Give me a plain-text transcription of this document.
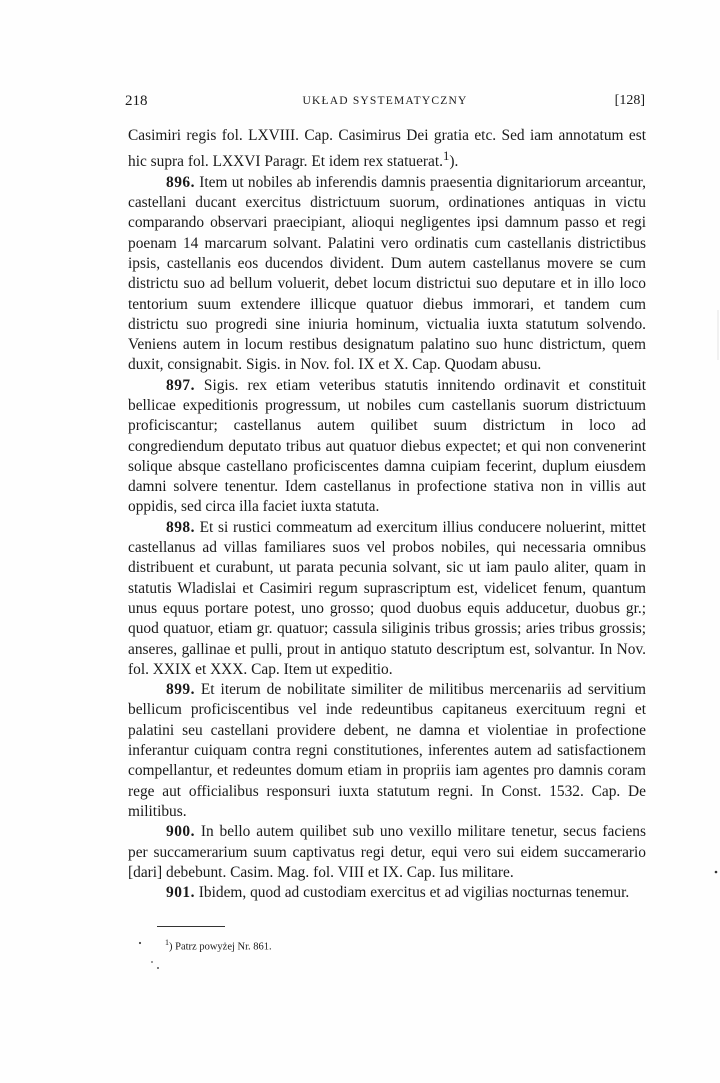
218	UKŁAD SYSTEMATYCZNY	[128]

Casimiri regis fol. LXVIII. Cap. Casimirus Dei gratia etc. Sed iam annotatum est hic supra fol. LXXVI Paragr. Et idem rex statuerat.$^1$).

896. Item ut nobiles ab inferendis damnis praesentia dignitariorum arceantur, castellani ducant exercitus districtuum suorum, ordinationes antiquas in victu comparando observari praecipiant, alioqui negligentes ipsi damnum passo et regi poenam 14 marcarum solvant. Palatini vero ordinatis cum castellanis districtibus ipsis, castellanis eos ducendos divident. Dum autem castellanus movere se cum districtu suo ad bellum voluerit, debet locum districtui suo deputare et in illo loco tentorium suum extendere illicque quatuor diebus immorari, et tandem cum districtu suo progredi sine iniuria hominum, victualia iuxta statutum solvendo. Veniens autem in locum restibus designatum palatino suo hunc districtum, quem duxit, consignabit. Sigis. in Nov. fol. IX et X. Cap. Quodam abusu.

897. Sigis. rex etiam veteribus statutis innitendo ordinavit et constituit bellicae expeditionis progressum, ut nobiles cum castellanis suorum districtuum proficiscantur; castellanus autem quilibet suum districtum in loco ad congrediendum deputato tribus aut quatuor diebus expectet; et qui non convenerint solique absque castellano proficiscentes damna cuipiam fecerint, duplum eiusdem damni solvere tenentur. Idem castellanus in profectione stativa non in villis aut oppidis, sed circa illa faciet iuxta statuta.

898. Et si rustici commeatum ad exercitum illius conducere noluerint, mittet castellanus ad villas familiares suos vel probos nobiles, qui necessaria omnibus distribuent et curabunt, ut parata pecunia solvant, sic ut iam paulo aliter, quam in statutis Wladislai et Casimiri regum suprascriptum est, videlicet fenum, quantum unus equus portare potest, uno grosso; quod duobus equis adducetur, duobus gr.; quod quatuor, etiam gr. quatuor; cassula siliginis tribus grossis; aries tribus grossis; anseres, gallinae et pulli, prout in antiquo statuto descriptum est, solvantur. In Nov. fol. XXIX et XXX. Cap. Item ut expeditio.

899. Et iterum de nobilitate similiter de militibus mercenariis ad servitium bellicum proficiscentibus vel inde redeuntibus capitaneus exercituum regni et palatini seu castellani providere debent, ne damna et violentiae in profectione inferantur cuiquam contra regni constitutiones, inferentes autem ad satisfactionem compellantur, et redeuntes domum etiam in propriis iam agentes pro damnis coram rege aut officialibus responsuri iuxta statutum regni. In Const. 1532. Cap. De militibus.

900. In bello autem quilibet sub uno vexillo militare tenetur, secus faciens per succamerarium suum captivatus regi detur, equi vero sui eidem succamerario [dari] debebunt. Casim. Mag. fol. VIII et IX. Cap. Ius militare.

901. Ibidem, quod ad custodiam exercitus et ad vigilias nocturnas tenemur.

$^1$) Patrz powyżej Nr. 861.
